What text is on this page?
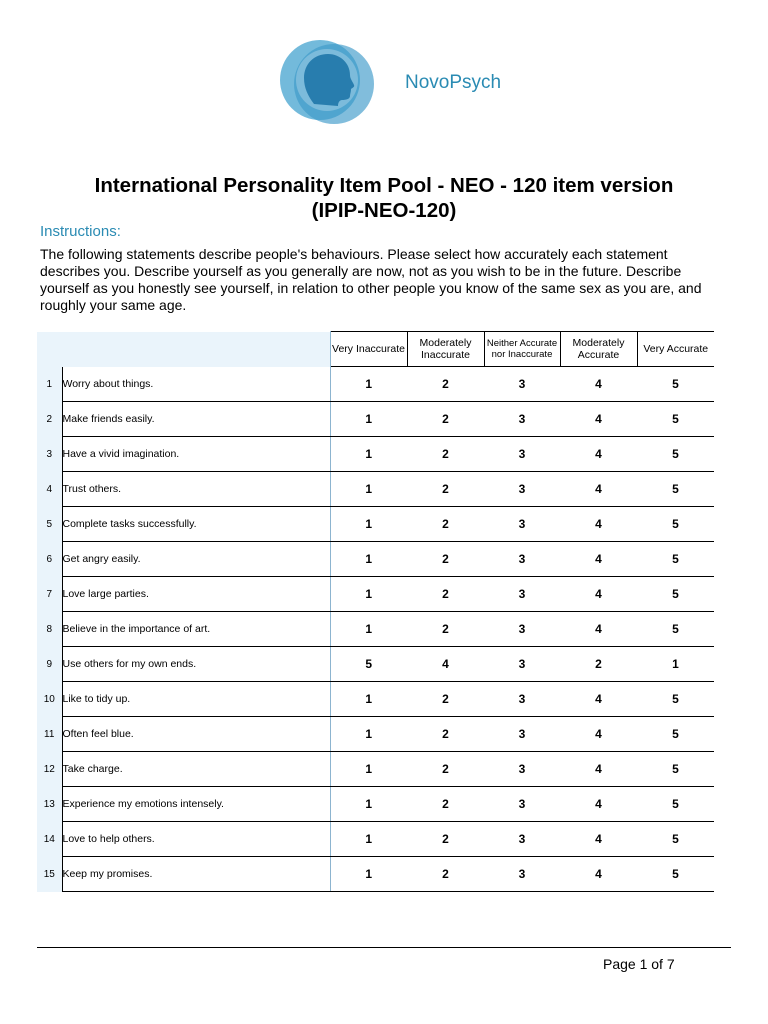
NovoPsych
International Personality Item Pool - NEO - 120 item version
(IPIP-NEO-120)
Instructions:
The following statements describe people's behaviours. Please select how accurately each statement describes you. Describe yourself as you generally are now, not as you wish to be in the future. Describe yourself as you honestly see yourself, in relation to other people you know of the same sex as you are, and roughly your same age.
		Very Inaccurate	Moderately Inaccurate	Neither Accurate nor Inaccurate	Moderately Accurate	Very Accurate
1	Worry about things.	1	2	3	4	5
2	Make friends easily.	1	2	3	4	5
3	Have a vivid imagination.	1	2	3	4	5
4	Trust others.	1	2	3	4	5
5	Complete tasks successfully.	1	2	3	4	5
6	Get angry easily.	1	2	3	4	5
7	Love large parties.	1	2	3	4	5
8	Believe in the importance of art.	1	2	3	4	5
9	Use others for my own ends.	5	4	3	2	1
10	Like to tidy up.	1	2	3	4	5
11	Often feel blue.	1	2	3	4	5
12	Take charge.	1	2	3	4	5
13	Experience my emotions intensely.	1	2	3	4	5
14	Love to help others.	1	2	3	4	5
15	Keep my promises.	1	2	3	4	5
Page 1 of 7
